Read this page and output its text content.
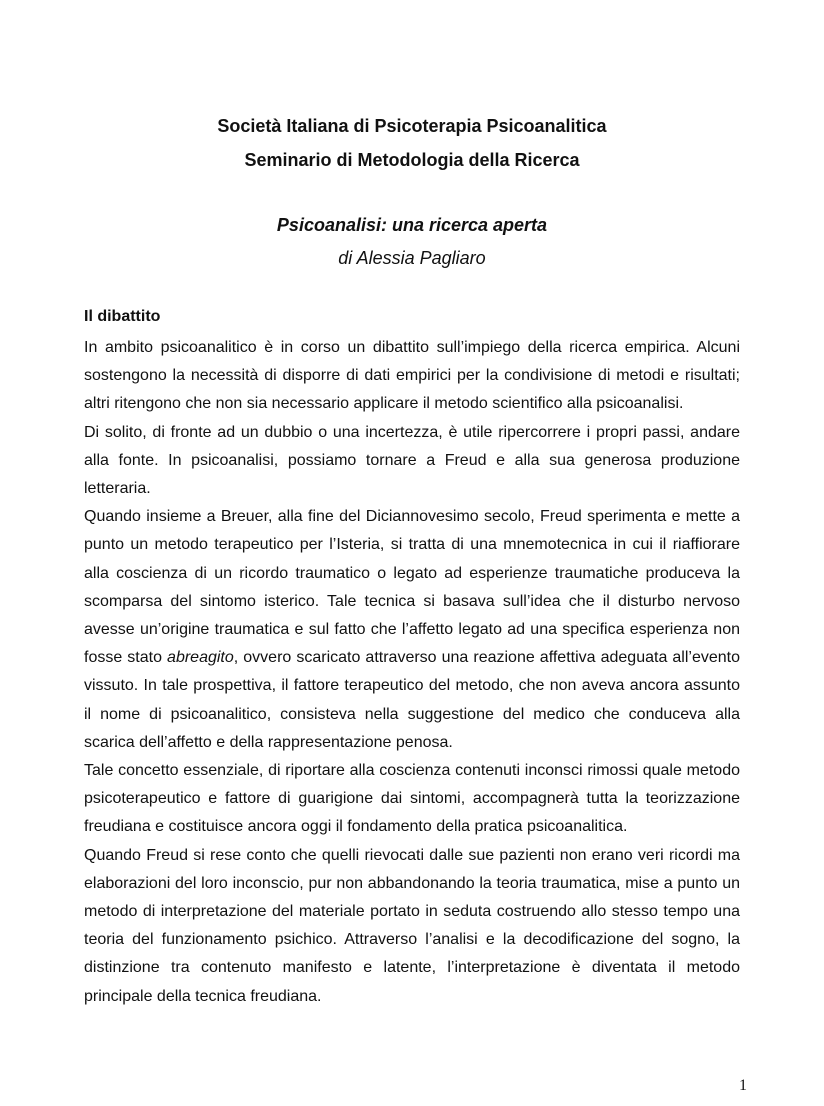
Società Italiana di Psicoterapia Psicoanalitica
Seminario di Metodologia della Ricerca
Psicoanalisi: una ricerca aperta
di Alessia Pagliaro
Il dibattito

In ambito psicoanalitico è in corso un dibattito sull’impiego della ricerca empirica. Alcuni sostengono la necessità di disporre di dati empirici per la condivisione di metodi e risultati; altri ritengono che non sia necessario applicare il metodo scientifico alla psicoanalisi.

Di solito, di fronte ad un dubbio o una incertezza, è utile ripercorrere i propri passi, andare alla fonte. In psicoanalisi, possiamo tornare a Freud e alla sua generosa produzione letteraria.

Quando insieme a Breuer, alla fine del Diciannovesimo secolo, Freud sperimenta e mette a punto un metodo terapeutico per l’Isteria, si tratta di una mnemotecnica in cui il riaffiorare alla coscienza di un ricordo traumatico o legato ad esperienze traumatiche produceva la scomparsa del sintomo isterico. Tale tecnica si basava sull’idea che il disturbo nervoso avesse un’origine traumatica e sul fatto che l’affetto legato ad una specifica esperienza non fosse stato abreagito, ovvero scaricato attraverso una reazione affettiva adeguata all’evento vissuto. In tale prospettiva, il fattore terapeutico del metodo, che non aveva ancora assunto il nome di psicoanalitico, consisteva nella suggestione del medico che conduceva alla scarica dell’affetto e della rappresentazione penosa.

Tale concetto essenziale, di riportare alla coscienza contenuti inconsci rimossi quale metodo psicoterapeutico e fattore di guarigione dai sintomi, accompagnerà tutta la teorizzazione freudiana e costituisce ancora oggi il fondamento della pratica psicoanalitica.

Quando Freud si rese conto che quelli rievocati dalle sue pazienti non erano veri ricordi ma elaborazioni del loro inconscio, pur non abbandonando la teoria traumatica, mise a punto un metodo di interpretazione del materiale portato in seduta costruendo allo stesso tempo una teoria del funzionamento psichico. Attraverso l’analisi e la decodificazione del sogno, la distinzione tra contenuto manifesto e latente, l’interpretazione è diventata il metodo principale della tecnica freudiana.

1
